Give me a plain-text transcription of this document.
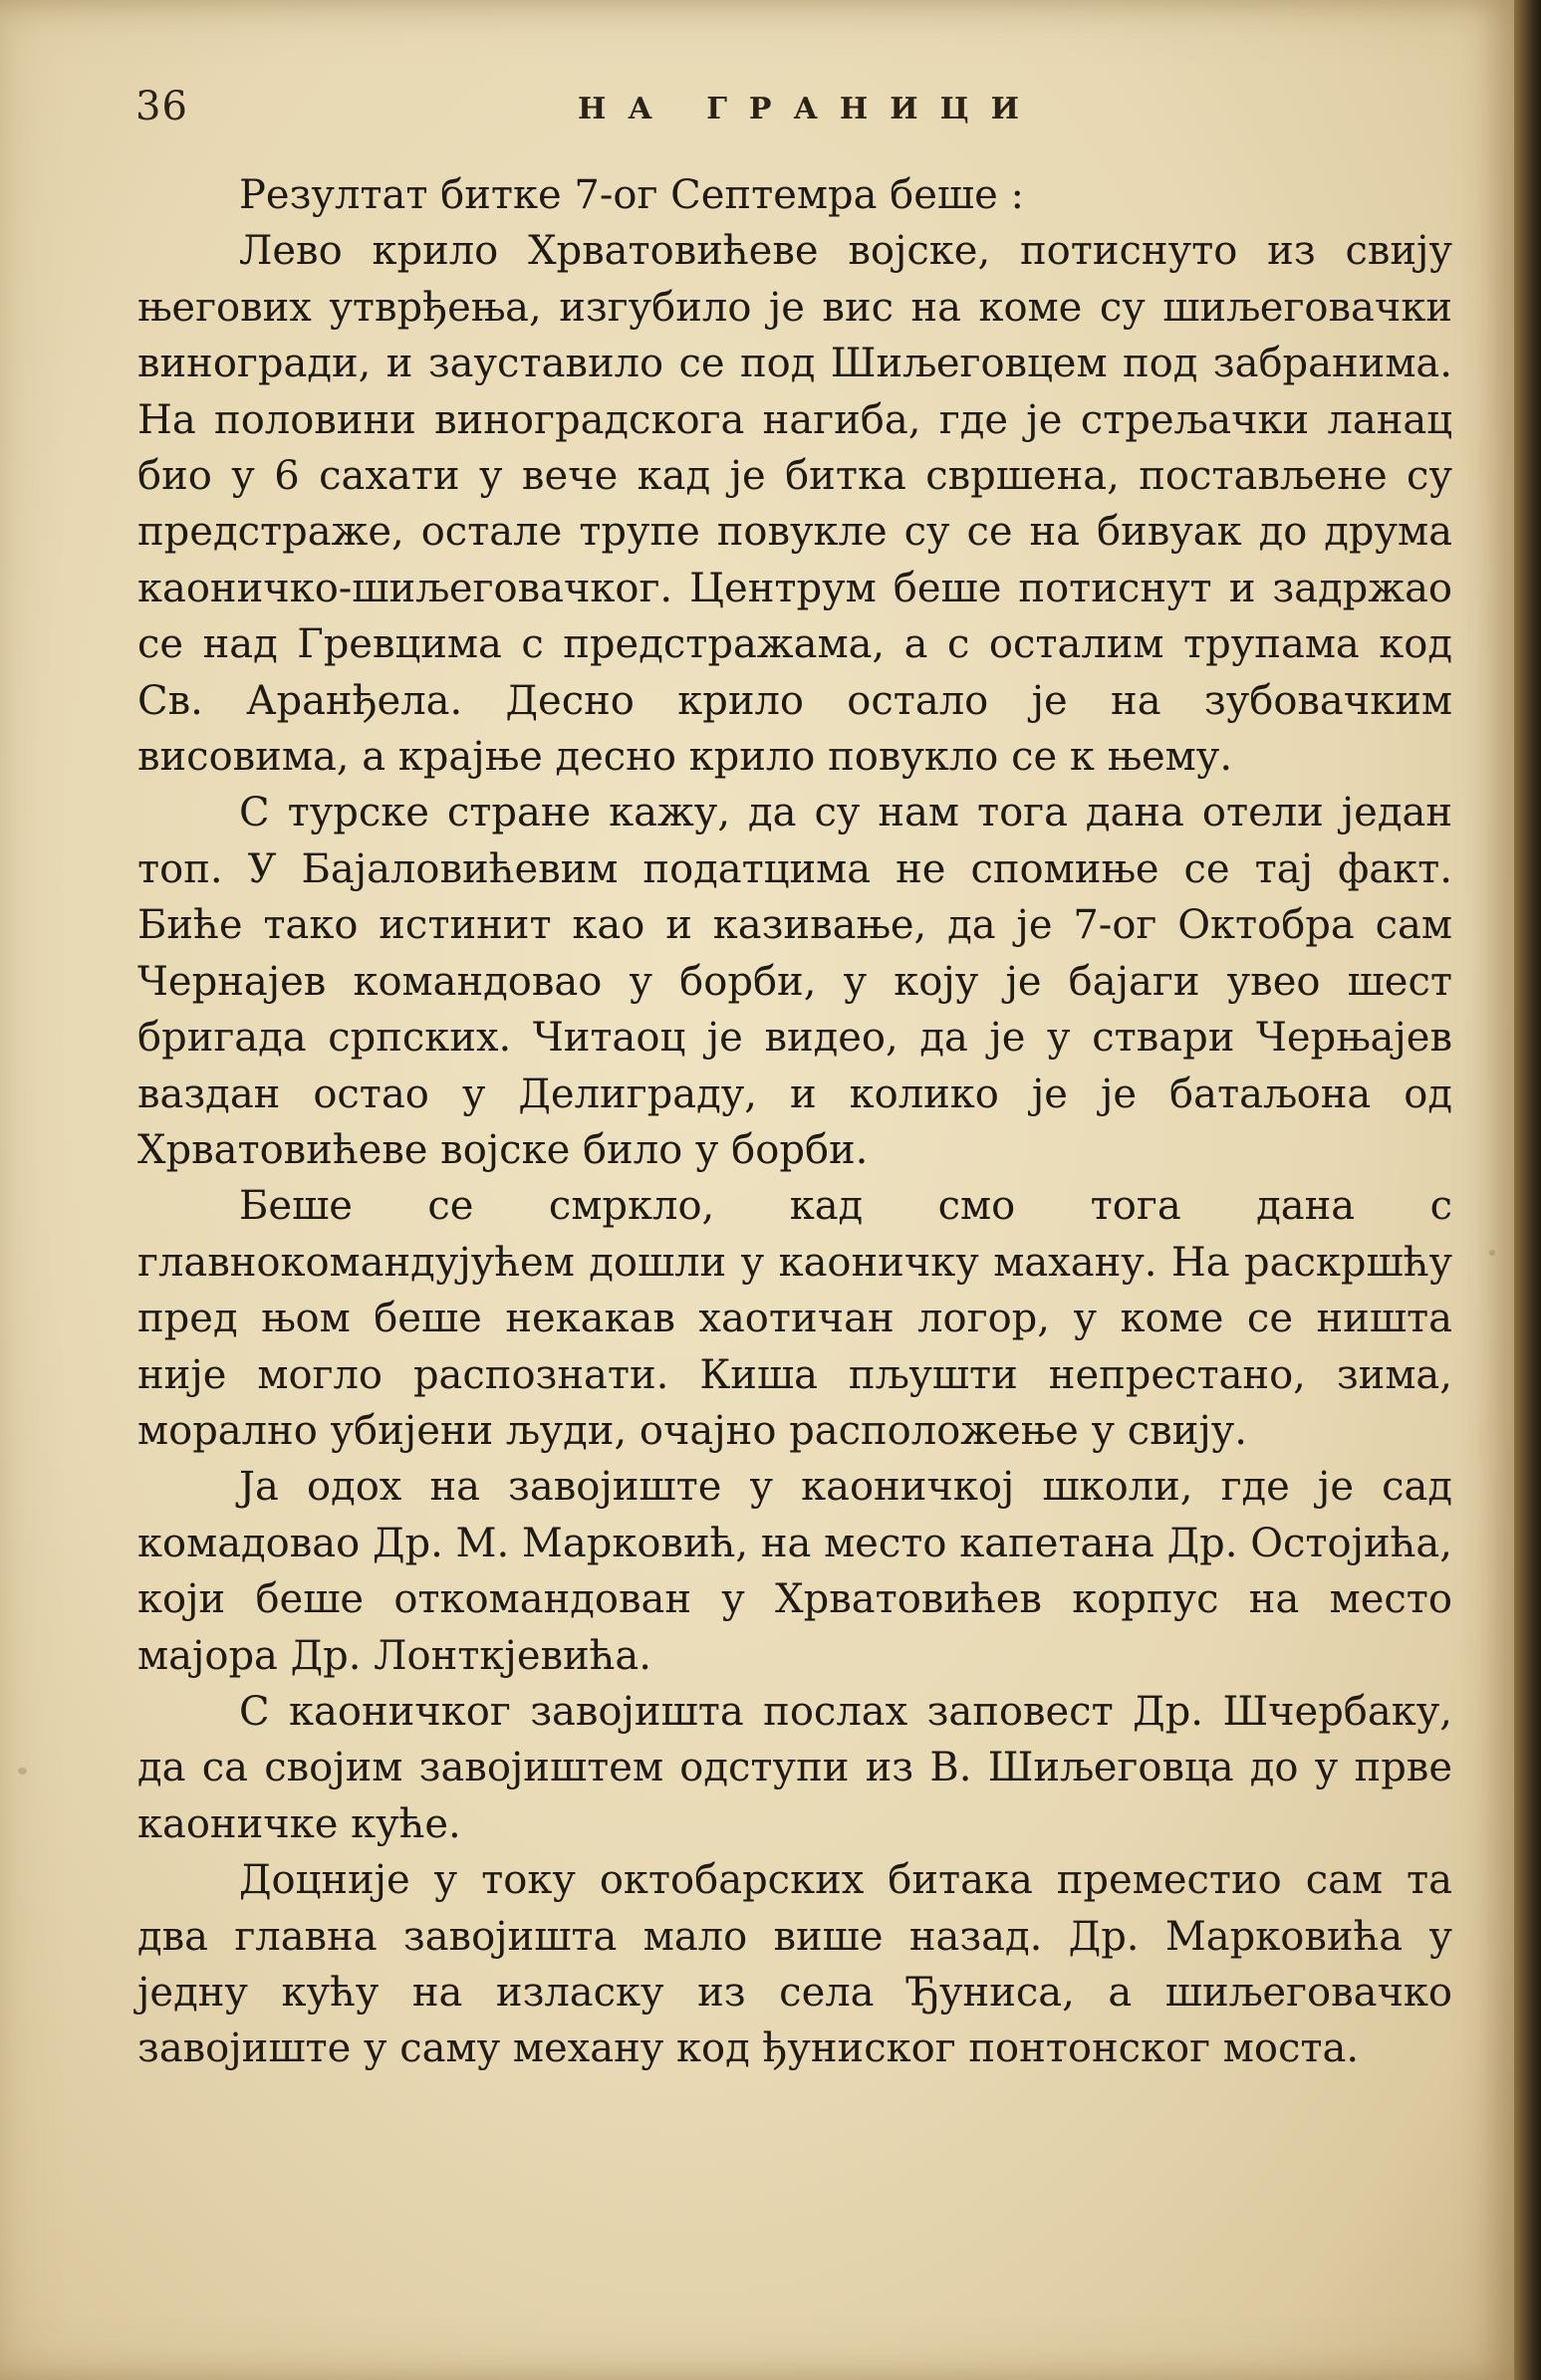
36	НА ГРАНИЦИ

Резултат битке 7-ог Септемра беше :

Лево крило Хрватовићеве војске, потиснуто из свију његових утврђења, изгубило је вис на коме су шиљеговачки виногради, и зауставило се под Шиљеговцем под забранима. На половини виноградскога нагиба, где је стрељачки ланац био у 6 сахати у вече кад је битка свршена, постављене су предстраже, остале трупе повукле су се на бивуак до друма каоничко-шиљеговачког. Центрум беше потиснут и задржао се над Гревцима с предстражама, а с осталим трупама код Св. Аранђела. Десно крило остало је на зубовачким висовима, а крајње десно крило повукло се к њему.

С турске стране кажу, да су нам тога дана отели један топ. У Бајаловићевим податцима не спомиње се тај факт. Биће тако истинит као и казивање, да је 7-ог Октобра сам Чернајев командовао у борби, у коју је бајаги увео шест бригада српских. Читаоц је видео, да је у ствари Черњајев ваздан остао у Делиграду, и колико је је батаљона од Хрватовићеве војске било у борби.

Беше се смркло, кад смо тога дана с главнокомандујућем дошли у каоничку махану. На раскршћу пред њом беше некакав хаотичан логор, у коме се ништа није могло распознати. Киша пљушти непрестано, зима, морално убијени људи, очајно расположење у свију.

Ја одох на завојиште у каоничкој школи, где је сад комадовао Др. М. Марковић, на место капетана Др. Остојића, који беше откомандован у Хрватовићев корпус на место мајора Др. Лонткјевића.

С каоничког завојишта послах заповест Др. Шчербаку, да са својим завојиштем одступи из В. Шиљеговца до у прве каоничке куће.

Доцније у току октобарских битака преместио сам та два главна завојишта мало више назад. Др. Марковића у једну кућу на изласку из села Ђуниса, а шиљеговачко завојиште у саму механу код ђуниског понтонског моста.
